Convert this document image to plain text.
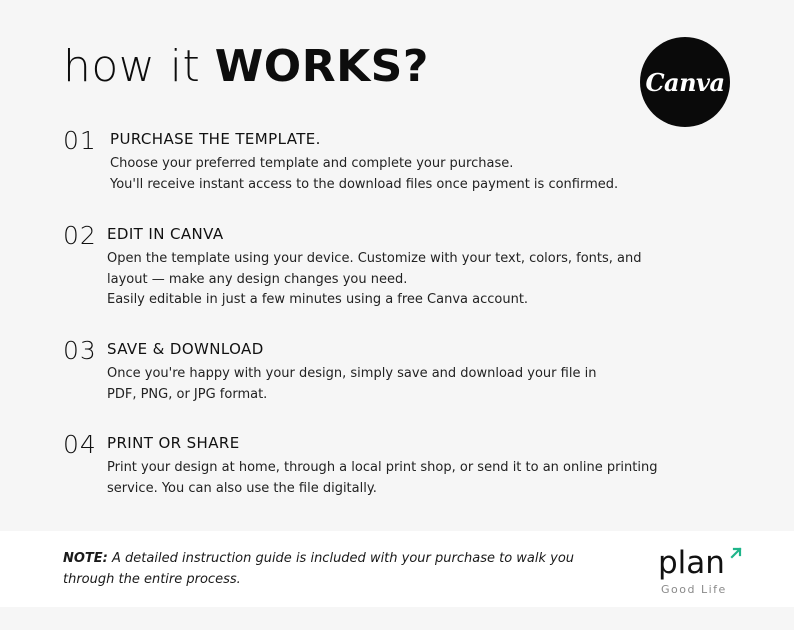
how it WORKS?	Canva
01 PURCHASE THE TEMPLATE.
Choose your preferred template and complete your purchase.
You'll receive instant access to the download files once payment is confirmed.
02 EDIT IN CANVA
Open the template using your device. Customize with your text, colors, fonts, and
layout — make any design changes you need.
Easily editable in just a few minutes using a free Canva account.
03 SAVE & DOWNLOAD
Once you're happy with your design, simply save and download your file in
PDF, PNG, or JPG format.
04 PRINT OR SHARE
Print your design at home, through a local print shop, or send it to an online printing
service. You can also use the file digitally.
NOTE: A detailed instruction guide is included with your purchase to walk you
through the entire process.	plan
Good Life
